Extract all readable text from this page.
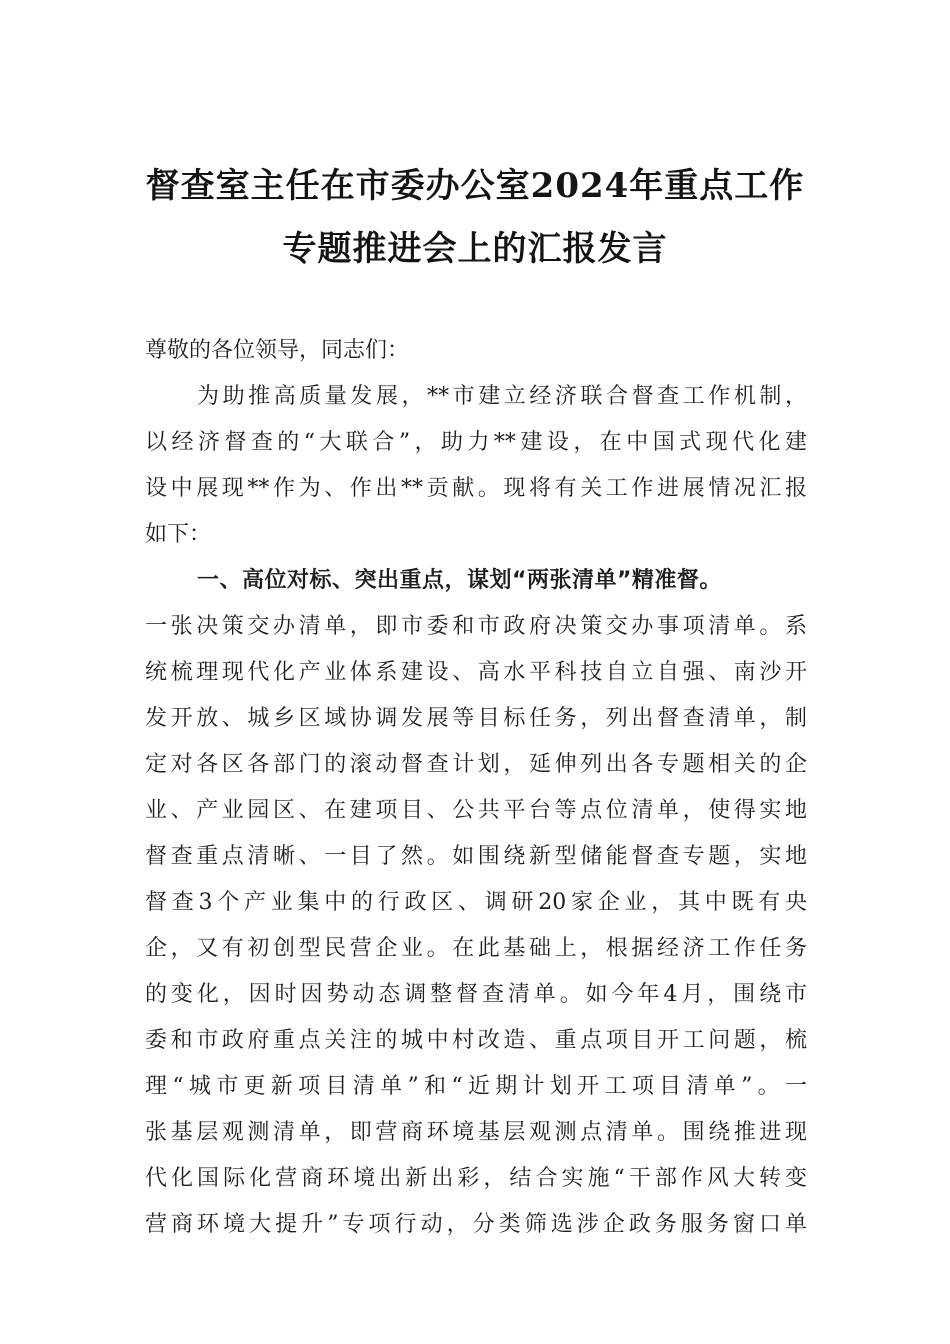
督查室主任在市委办公室2024年重点工作
专题推进会上的汇报发言
尊敬的各位领导，同志们：
为助推高质量发展，**市建立经济联合督查工作机制，
以经济督查的“大联合”，助力**建设，在中国式现代化建
设中展现**作为、作出**贡献。现将有关工作进展情况汇报
如下：
一、高位对标、突出重点，谋划“两张清单”精准督。
一张决策交办清单，即市委和市政府决策交办事项清单。系
统梳理现代化产业体系建设、高水平科技自立自强、南沙开
发开放、城乡区域协调发展等目标任务，列出督查清单，制
定对各区各部门的滚动督查计划，延伸列出各专题相关的企
业、产业园区、在建项目、公共平台等点位清单，使得实地
督查重点清晰、一目了然。如围绕新型储能督查专题，实地
督查3个产业集中的行政区、调研20家企业，其中既有央
企，又有初创型民营企业。在此基础上，根据经济工作任务
的变化，因时因势动态调整督查清单。如今年4月，围绕市
委和市政府重点关注的城中村改造、重点项目开工问题，梳
理“城市更新项目清单”和“近期计划开工项目清单”。一
张基层观测清单，即营商环境基层观测点清单。围绕推进现
代化国际化营商环境出新出彩，结合实施“干部作风大转变
营商环境大提升”专项行动，分类筛选涉企政务服务窗口单
